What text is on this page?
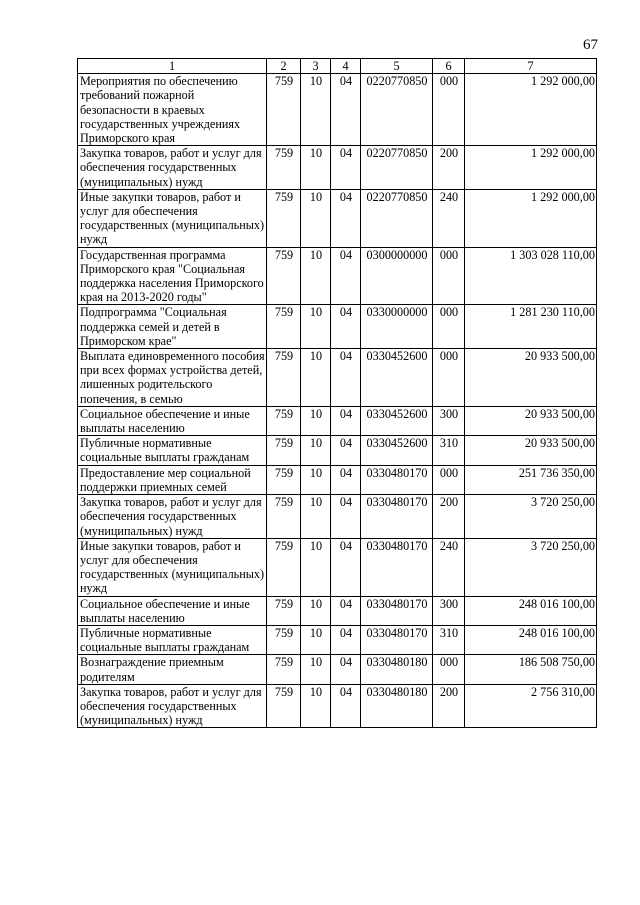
67
1	2	3	4	5	6	7
Мероприятия по обеспечению требований пожарной безопасности в краевых государственных учреждениях Приморского края	759	10	04	0220770850	000	1 292 000,00
Закупка товаров, работ и услуг для обеспечения государственных (муниципальных) нужд	759	10	04	0220770850	200	1 292 000,00
Иные закупки товаров, работ и услуг для обеспечения государственных (муниципальных) нужд	759	10	04	0220770850	240	1 292 000,00
Государственная программа Приморского края "Социальная поддержка населения Приморского края на 2013-2020 годы"	759	10	04	0300000000	000	1 303 028 110,00
Подпрограмма "Социальная поддержка семей и детей в Приморском крае"	759	10	04	0330000000	000	1 281 230 110,00
Выплата единовременного пособия при всех формах устройства детей, лишенных родительского попечения, в семью	759	10	04	0330452600	000	20 933 500,00
Социальное обеспечение и иные выплаты населению	759	10	04	0330452600	300	20 933 500,00
Публичные нормативные социальные выплаты гражданам	759	10	04	0330452600	310	20 933 500,00
Предоставление мер социальной поддержки приемных семей	759	10	04	0330480170	000	251 736 350,00
Закупка товаров, работ и услуг для обеспечения государственных (муниципальных) нужд	759	10	04	0330480170	200	3 720 250,00
Иные закупки товаров, работ и услуг для обеспечения государственных (муниципальных) нужд	759	10	04	0330480170	240	3 720 250,00
Социальное обеспечение и иные выплаты населению	759	10	04	0330480170	300	248 016 100,00
Публичные нормативные социальные выплаты гражданам	759	10	04	0330480170	310	248 016 100,00
Вознаграждение приемным родителям	759	10	04	0330480180	000	186 508 750,00
Закупка товаров, работ и услуг для обеспечения государственных (муниципальных) нужд	759	10	04	0330480180	200	2 756 310,00
